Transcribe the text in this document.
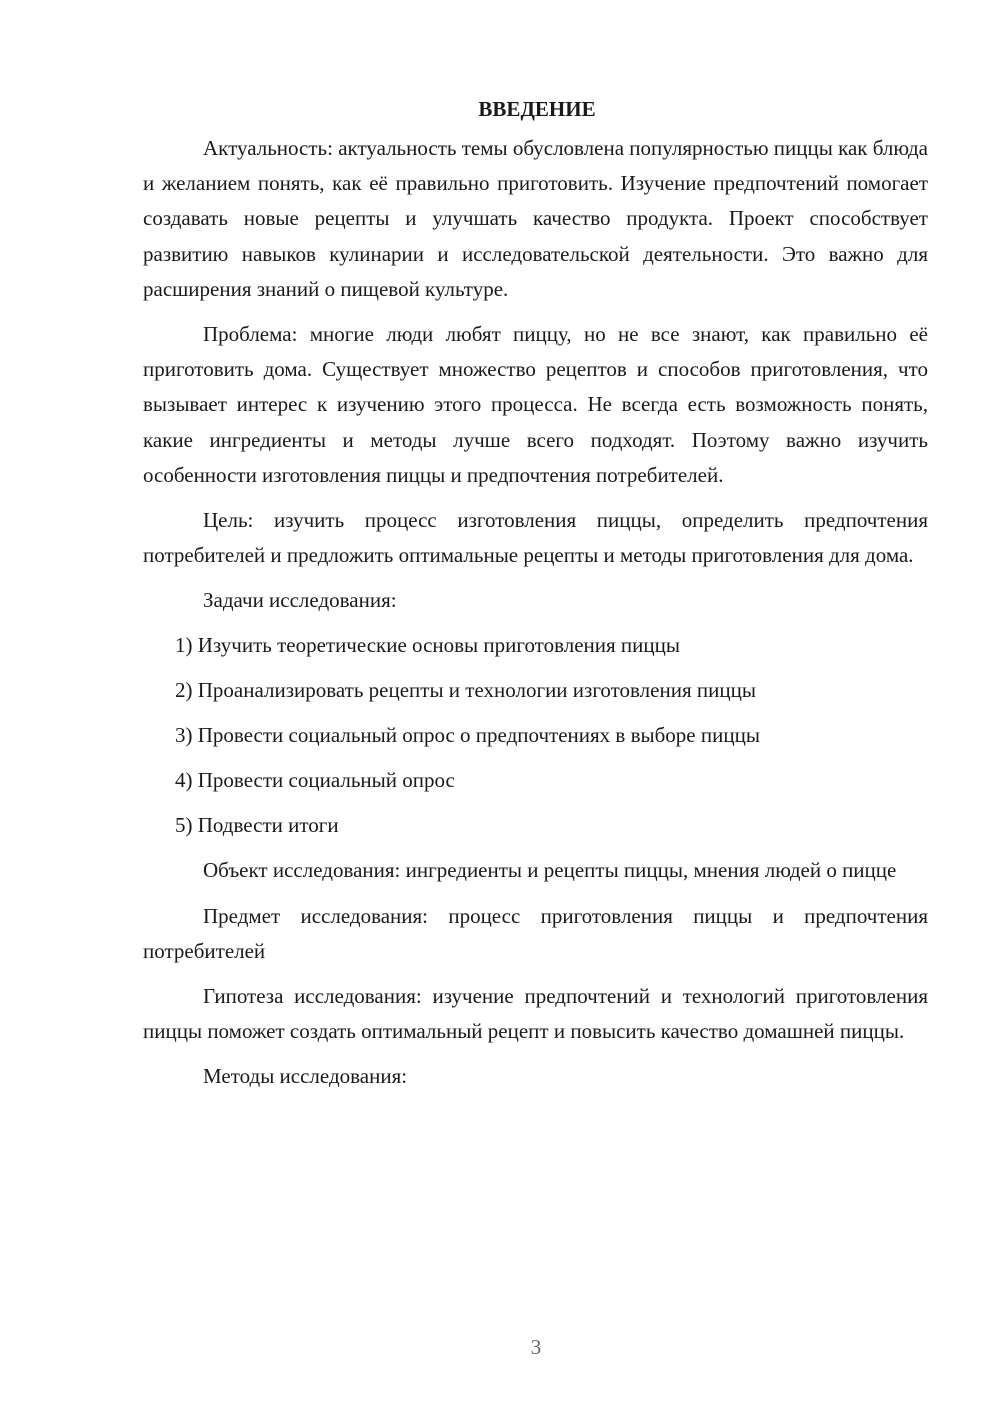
ВВЕДЕНИЕ

Актуальность: актуальность темы обусловлена популярностью пиццы как блюда и желанием понять, как её правильно приготовить. Изучение предпочтений помогает создавать новые рецепты и улучшать качество продукта. Проект способствует развитию навыков кулинарии и исследовательской деятельности. Это важно для расширения знаний о пищевой культуре.

Проблема: многие люди любят пиццу, но не все знают, как правильно её приготовить дома. Существует множество рецептов и способов приготовления, что вызывает интерес к изучению этого процесса. Не всегда есть возможность понять, какие ингредиенты и методы лучше всего подходят. Поэтому важно изучить особенности изготовления пиццы и предпочтения потребителей.

Цель: изучить процесс изготовления пиццы, определить предпочтения потребителей и предложить оптимальные рецепты и методы приготовления для дома.

Задачи исследования:
1) Изучить теоретические основы приготовления пиццы
2) Проанализировать рецепты и технологии изготовления пиццы
3) Провести социальный опрос о предпочтениях в выборе пиццы
4) Провести социальный опрос
5) Подвести итоги

Объект исследования: ингредиенты и рецепты пиццы, мнения людей о пицце

Предмет исследования: процесс приготовления пиццы и предпочтения потребителей

Гипотеза исследования: изучение предпочтений и технологий приготовления пиццы поможет создать оптимальный рецепт и повысить качество домашней пиццы.

Методы исследования:
3
